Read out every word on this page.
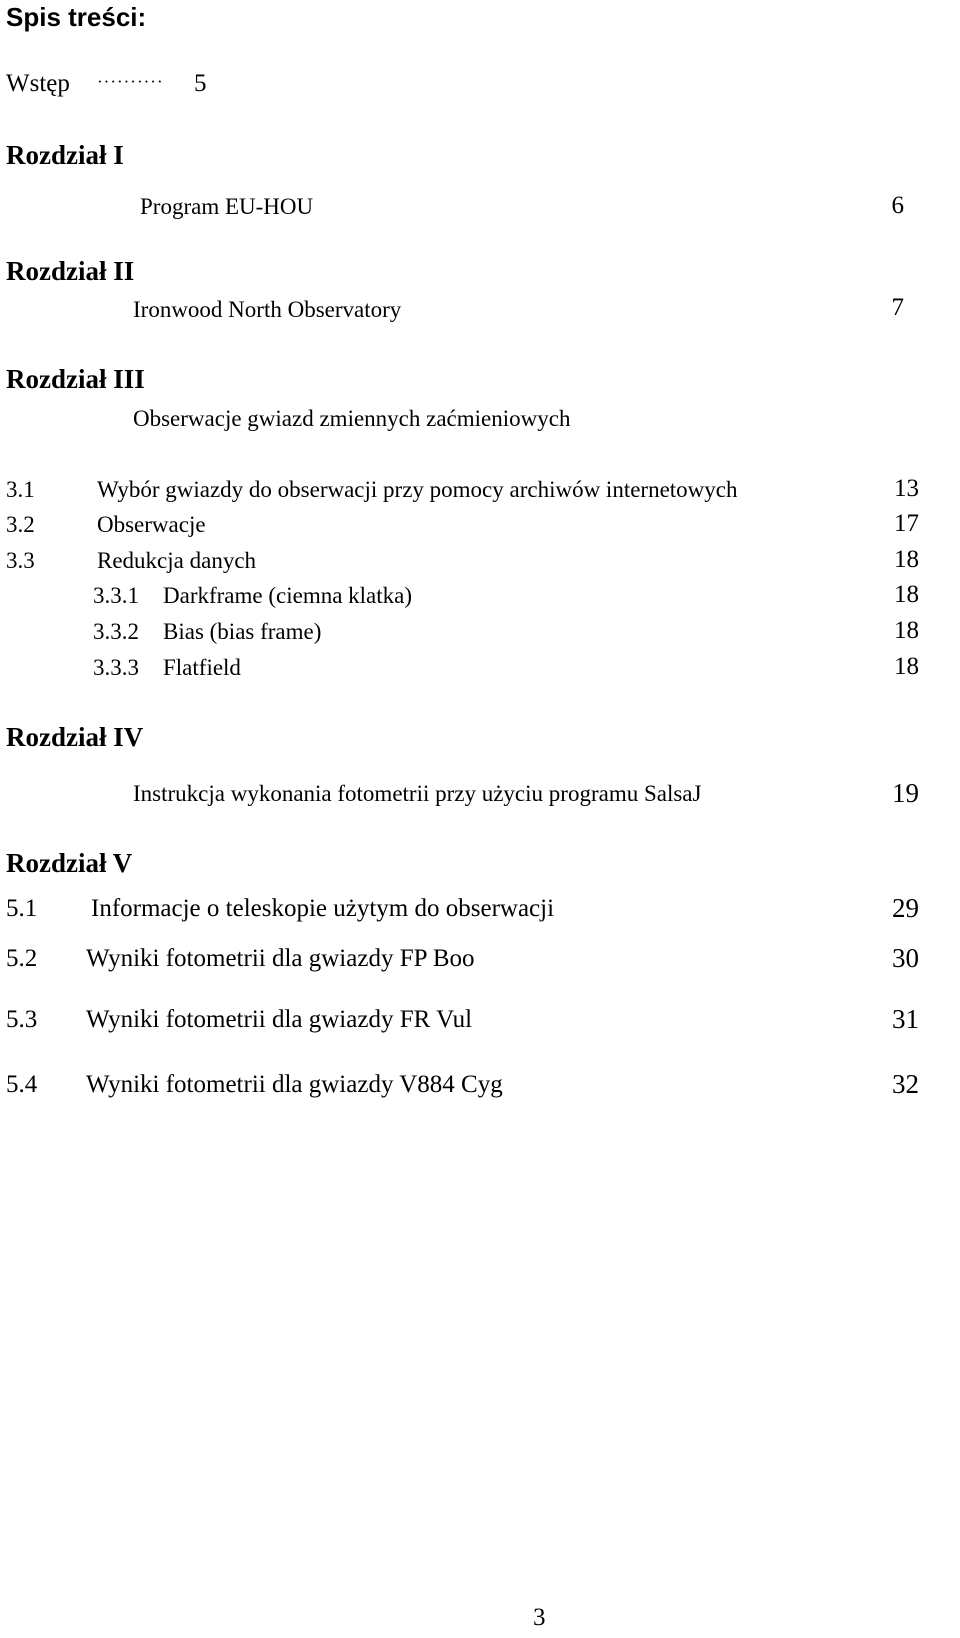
Spis treści:
Wstęp ·········· 5
Rozdział I
Program EU-HOU	6
Rozdział II
Ironwood North Observatory	7
Rozdział III
Obserwacje gwiazd zmiennych zaćmieniowych
3.1	Wybór gwiazdy do obserwacji przy pomocy archiwów internetowych	13
3.2	Obserwacje	17
3.3	Redukcja danych	18
3.3.1 Darkframe (ciemna klatka)	18
3.3.2 Bias (bias frame)	18
3.3.3 Flatfield	18
Rozdział IV
Instrukcja wykonania fotometrii przy użyciu programu SalsaJ	19
Rozdział V
5.1 Informacje o teleskopie użytym do obserwacji	29
5.2 Wyniki fotometrii dla gwiazdy FP Boo	30
5.3 Wyniki fotometrii dla gwiazdy FR Vul	31
5.4 Wyniki fotometrii dla gwiazdy V884 Cyg	32
3
